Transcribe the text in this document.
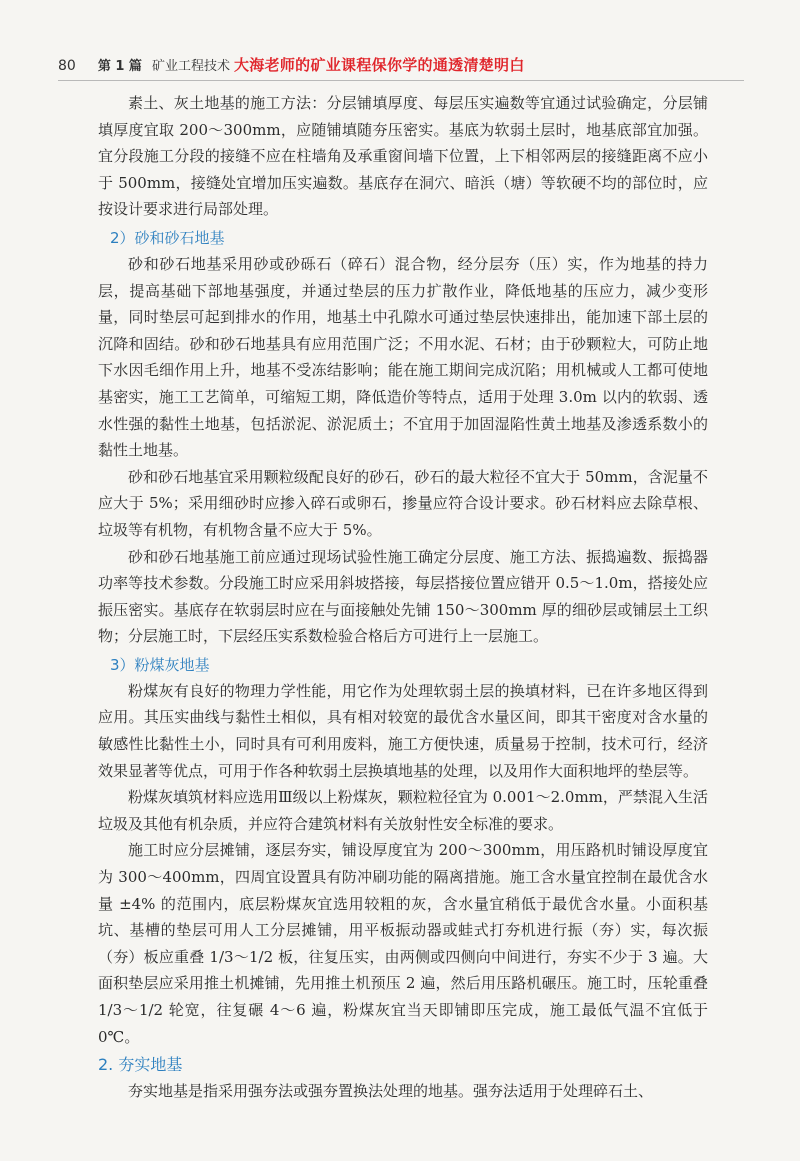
80 第 1 篇 矿业工程技术 大海老师的矿业课程保你学的通透清楚明白

素土、灰土地基的施工方法：分层铺填厚度、每层压实遍数等宜通过试验确定，分层铺填厚度宜取 200～300mm，应随铺填随夯压密实。基底为软弱土层时，地基底部宜加强。宜分段施工分段的接缝不应在柱墙角及承重窗间墙下位置，上下相邻两层的接缝距离不应小于 500mm，接缝处宜增加压实遍数。基底存在洞穴、暗浜（塘）等软硬不均的部位时，应按设计要求进行局部处理。

2）砂和砂石地基

砂和砂石地基采用砂或砂砾石（碎石）混合物，经分层夯（压）实，作为地基的持力层，提高基础下部地基强度，并通过垫层的压力扩散作业，降低地基的压应力，减少变形量，同时垫层可起到排水的作用，地基土中孔隙水可通过垫层快速排出，能加速下部土层的沉降和固结。砂和砂石地基具有应用范围广泛；不用水泥、石材；由于砂颗粒大，可防止地下水因毛细作用上升，地基不受冻结影响；能在施工期间完成沉陷；用机械或人工都可使地基密实，施工工艺简单，可缩短工期，降低造价等特点，适用于处理 3.0m 以内的软弱、透水性强的黏性土地基，包括淤泥、淤泥质土；不宜用于加固湿陷性黄土地基及渗透系数小的黏性土地基。

砂和砂石地基宜采用颗粒级配良好的砂石，砂石的最大粒径不宜大于 50mm，含泥量不应大于 5%；采用细砂时应掺入碎石或卵石，掺量应符合设计要求。砂石材料应去除草根、垃圾等有机物，有机物含量不应大于 5%。

砂和砂石地基施工前应通过现场试验性施工确定分层度、施工方法、振捣遍数、振捣器功率等技术参数。分段施工时应采用斜坡搭接，每层搭接位置应错开 0.5～1.0m，搭接处应振压密实。基底存在软弱层时应在与面接触处先铺 150～300mm 厚的细砂层或铺层土工织物；分层施工时，下层经压实系数检验合格后方可进行上一层施工。

3）粉煤灰地基

粉煤灰有良好的物理力学性能，用它作为处理软弱土层的换填材料，已在许多地区得到应用。其压实曲线与黏性土相似，具有相对较宽的最优含水量区间，即其干密度对含水量的敏感性比黏性土小，同时具有可利用废料，施工方便快速，质量易于控制，技术可行，经济效果显著等优点，可用于作各种软弱土层换填地基的处理，以及用作大面积地坪的垫层等。

粉煤灰填筑材料应选用Ⅲ级以上粉煤灰，颗粒粒径宜为 0.001～2.0mm，严禁混入生活垃圾及其他有机杂质，并应符合建筑材料有关放射性安全标准的要求。

施工时应分层摊铺，逐层夯实，铺设厚度宜为 200～300mm，用压路机时铺设厚度宜为 300～400mm，四周宜设置具有防冲刷功能的隔离措施。施工含水量宜控制在最优含水量 ±4% 的范围内，底层粉煤灰宜选用较粗的灰，含水量宜稍低于最优含水量。小面积基坑、基槽的垫层可用人工分层摊铺，用平板振动器或蛙式打夯机进行振（夯）实，每次振（夯）板应重叠 1/3～1/2 板，往复压实，由两侧或四侧向中间进行，夯实不少于 3 遍。大面积垫层应采用推土机摊铺，先用推土机预压 2 遍，然后用压路机碾压。施工时，压轮重叠 1/3～1/2 轮宽，往复碾 4～6 遍，粉煤灰宜当天即铺即压完成，施工最低气温不宜低于 0℃。

2. 夯实地基

夯实地基是指采用强夯法或强夯置换法处理的地基。强夯法适用于处理碎石土、
